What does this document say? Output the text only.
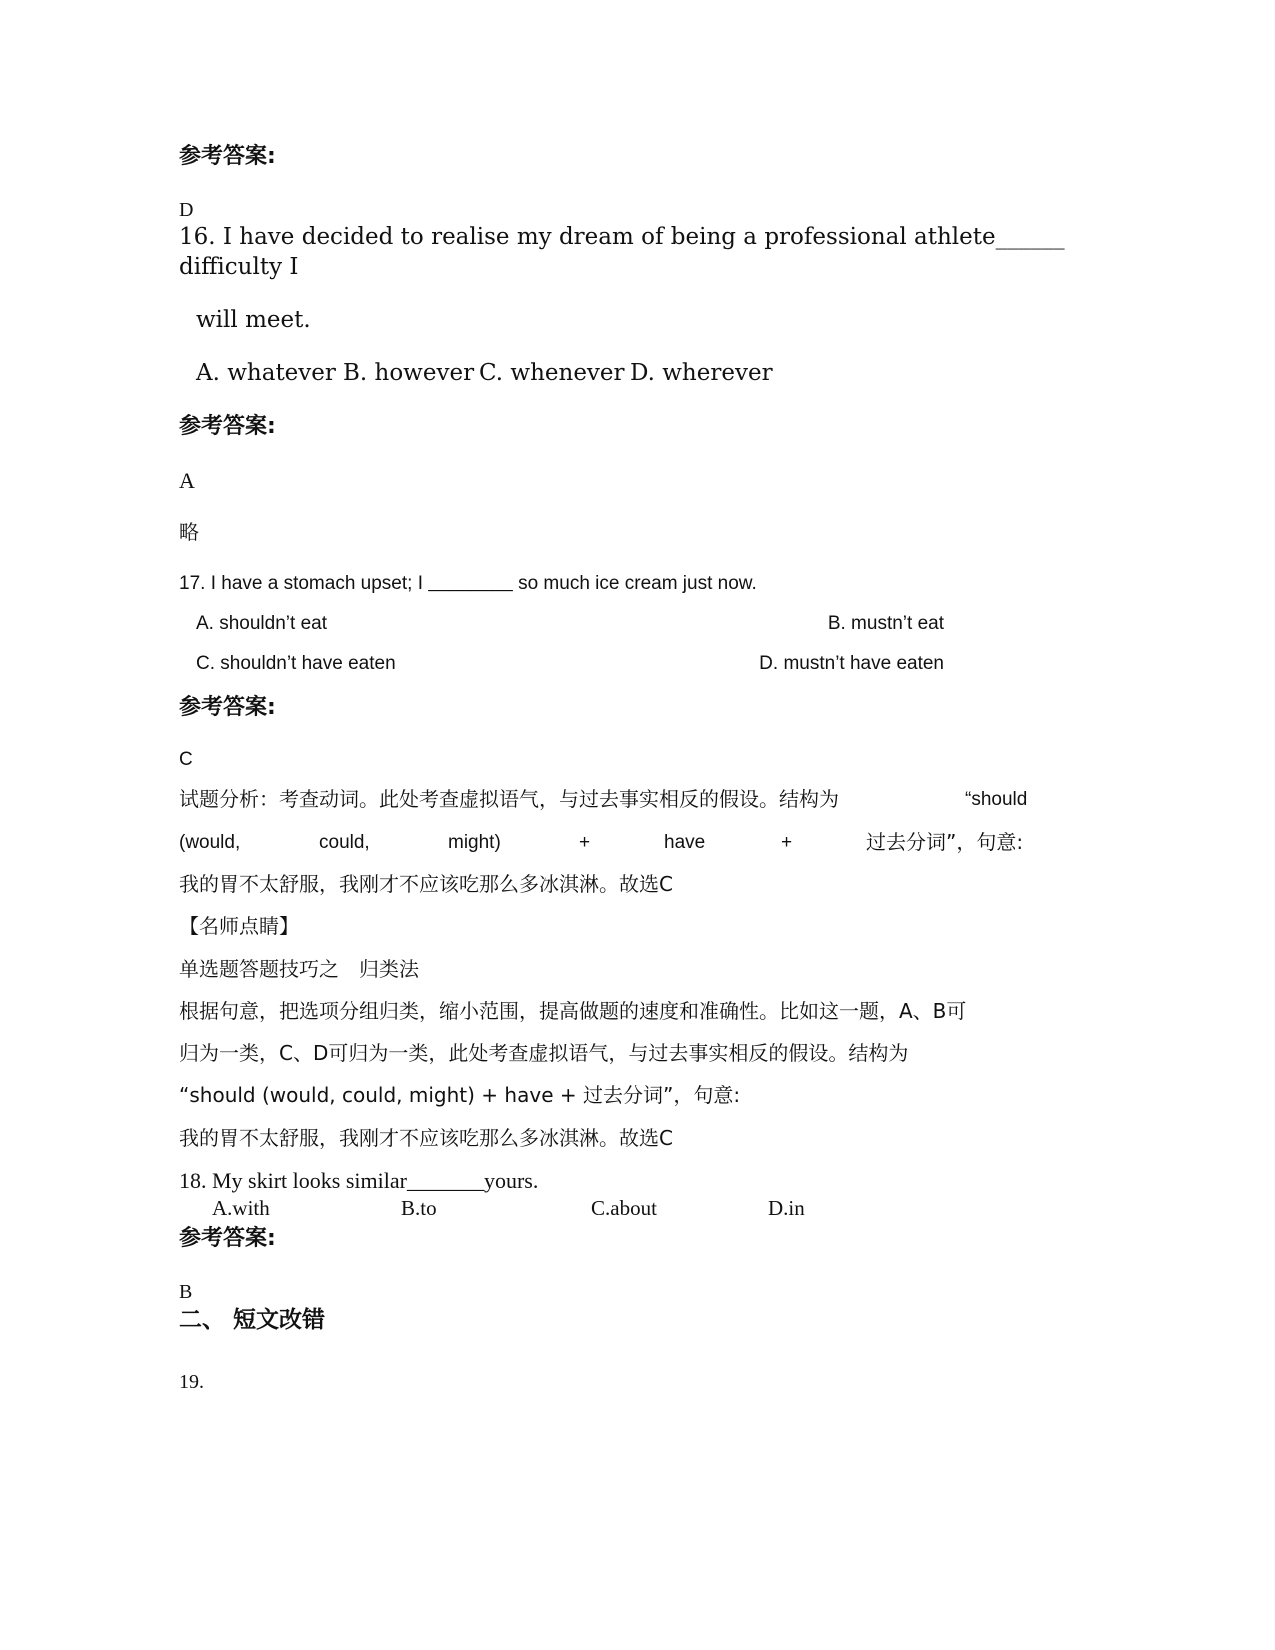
参考答案:
D
16. I have decided to realise my dream of being a professional athlete______
difficulty I
will meet.
A. whatever B. however C. whenever D. wherever
参考答案:
A
略
17. I have a stomach upset; I ________ so much ice cream just now.
A. shouldn’t eat	B. mustn’t eat
C. shouldn’t have eaten	D. mustn’t have eaten
参考答案:
C
试题分析：考查动词。此处考查虚拟语气，与过去事实相反的假设。结构为	“should
(would,	could,	might)	+	have	+	过去分词”，句意:
我的胃不太舒服，我刚才不应该吃那么多冰淇淋。故选C
【名师点睛】
单选题答题技巧之　归类法
根据句意，把选项分组归类，缩小范围，提高做题的速度和准确性。比如这一题，A、B可
归为一类，C、D可归为一类，此处考查虚拟语气，与过去事实相反的假设。结构为
“should (would, could, might) + have + 过去分词”，句意:
我的胃不太舒服，我刚才不应该吃那么多冰淇淋。故选C
18. My skirt looks similar_______yours.
A.with	B.to	C.about	D.in
参考答案:
B
二、 短文改错
19.
